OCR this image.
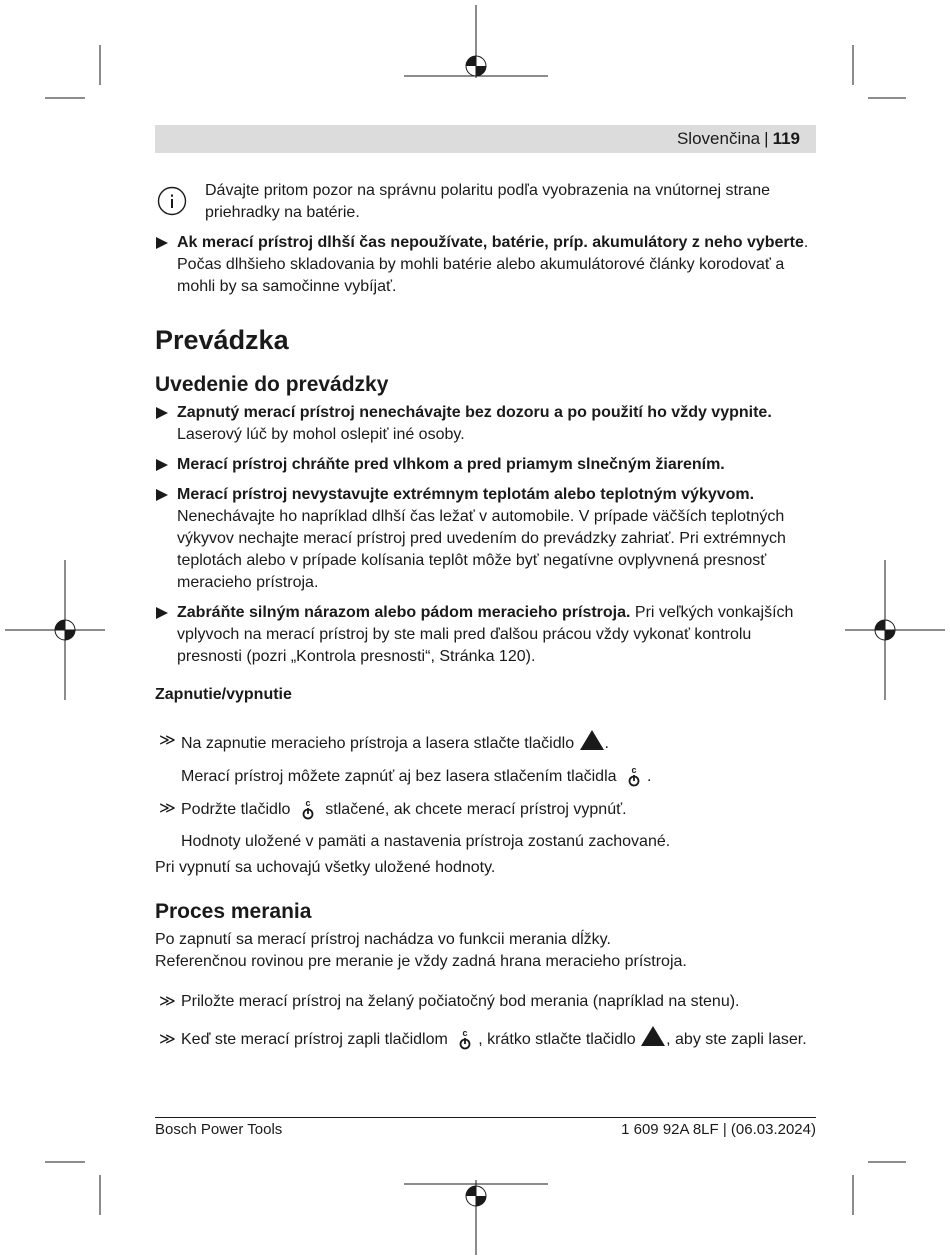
Slovenčina | 119
Dávajte pritom pozor na správnu polaritu podľa vyobrazenia na vnútornej strane priehradky na batérie.
Ak merací prístroj dlhší čas nepoužívate, batérie, príp. akumulátory z neho vyberte. Počas dlhšieho skladovania by mohli batérie alebo akumulátorové články korodovať a mohli by sa samočinne vybíjať.
Prevádzka
Uvedenie do prevádzky
Zapnutý merací prístroj nenechávajte bez dozoru a po použití ho vždy vypnite. Laserový lúč by mohol oslepiť iné osoby.
Merací prístroj chráňte pred vlhkom a pred priamym slnečným žiarením.
Merací prístroj nevystavujte extrémnym teplotám alebo teplotným výkyvom. Nenechávajte ho napríklad dlhší čas ležať v automobile. V prípade väčších teplotných výkyvov nechajte merací prístroj pred uvedením do prevádzky zahriať. Pri extrémnych teplotách alebo v prípade kolísania teplôt môže byť negatívne ovplyvnená presnosť meracieho prístroja.
Zabráňte silným nárazom alebo pádom meracieho prístroja. Pri veľkých vonkajších vplyvoch na merací prístroj by ste mali pred ďalšou prácou vždy vykonať kontrolu presnosti (pozri „Kontrola presnosti“, Stránka 120).
Zapnutie/vypnutie
≫ Na zapnutie meracieho prístroja a lasera stlačte tlačidlo .
Merací prístroj môžete zapnúť aj bez lasera stlačením tlačidla c .
≫ Podržte tlačidlo c stlačené, ak chcete merací prístroj vypnúť.
Hodnoty uložené v pamäti a nastavenia prístroja zostanú zachované.
Pri vypnutí sa uchovajú všetky uložené hodnoty.
Proces merania
Po zapnutí sa merací prístroj nachádza vo funkcii merania dĺžky.
Referenčnou rovinou pre meranie je vždy zadná hrana meracieho prístroja.
≫ Priložte merací prístroj na želaný počiatočný bod merania (napríklad na stenu).
≫ Keď ste merací prístroj zapli tlačidlom c , krátko stlačte tlačidlo , aby ste zapli laser.
Bosch Power Tools	1 609 92A 8LF | (06.03.2024)
